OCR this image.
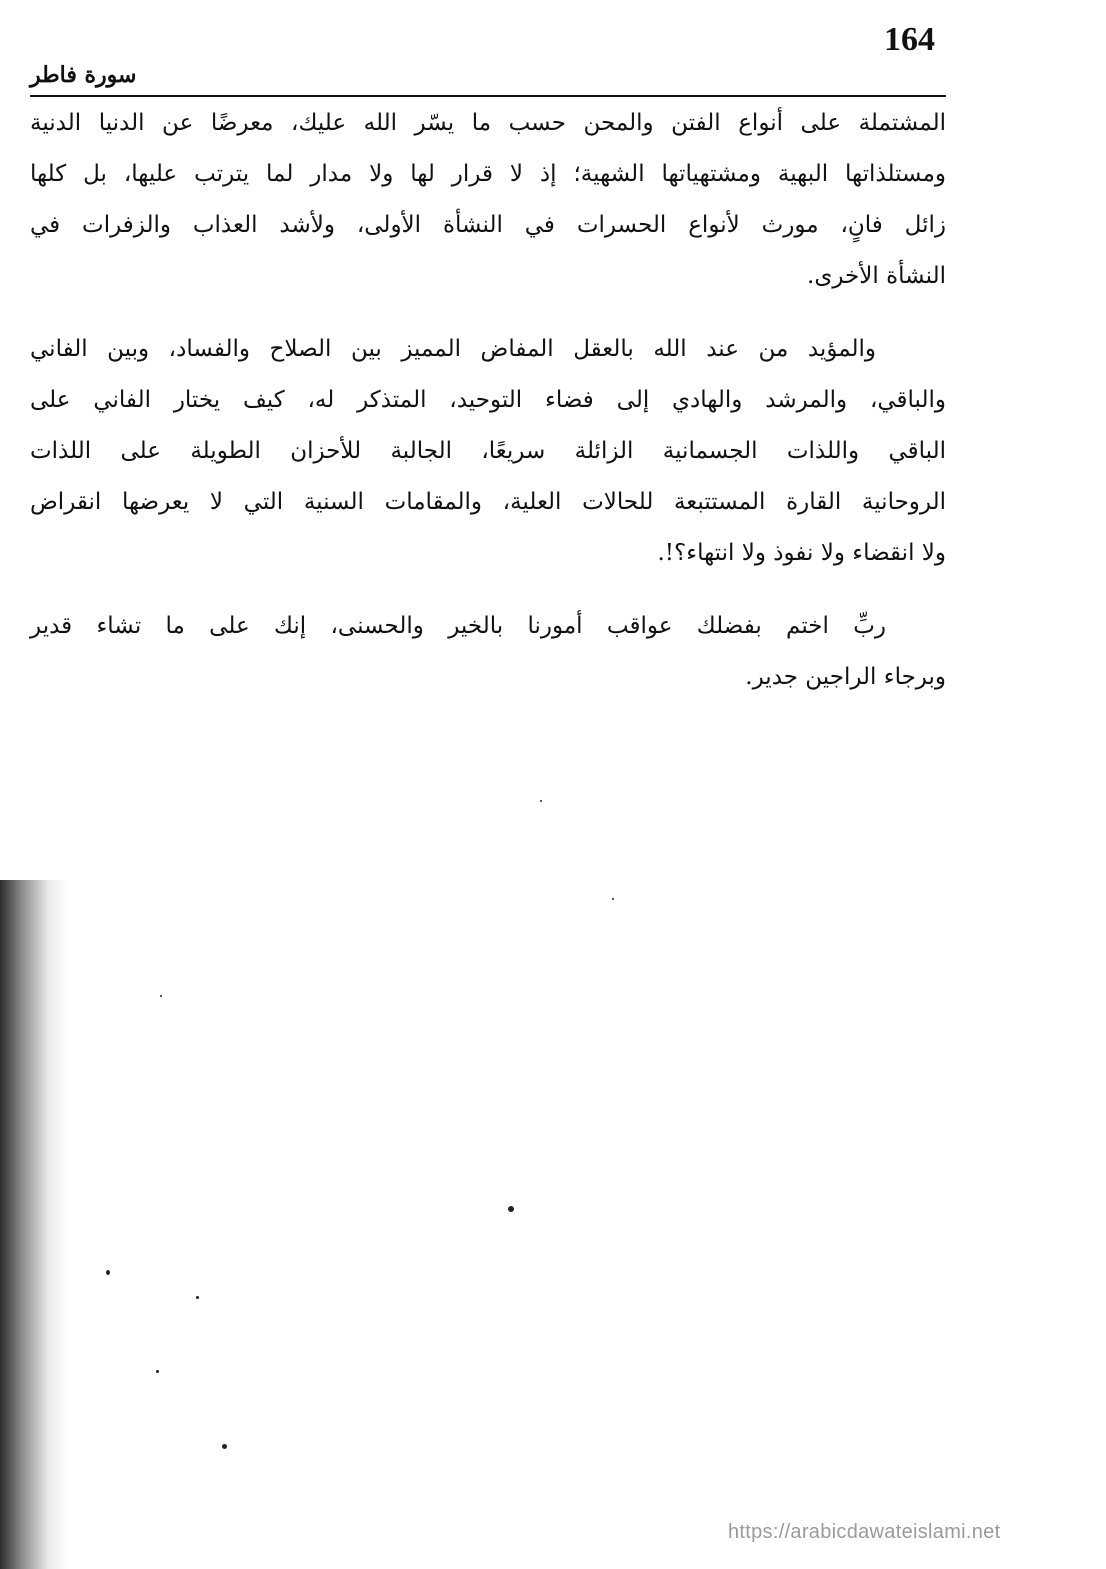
164
سورة فاطر

المشتملة على أنواع الفتن والمحن حسب ما يسّر الله عليك، معرضًا عن الدنيا الدنية
ومستلذاتها البهية ومشتهياتها الشهية؛ إذ لا قرار لها ولا مدار لما يترتب عليها، بل كلها
زائل فانٍ، مورث لأنواع الحسرات في النشأة الأولى، ولأشد العذاب والزفرات في
النشأة الأخرى.

والمؤيد من عند الله بالعقل المفاض المميز بين الصلاح والفساد، وبين الفاني
والباقي، والمرشد والهادي إلى فضاء التوحيد، المتذكر له، كيف يختار الفاني على
الباقي واللذات الجسمانية الزائلة سريعًا، الجالبة للأحزان الطويلة على اللذات
الروحانية القارة المستتبعة للحالات العلية، والمقامات السنية التي لا يعرضها انقراض
ولا انقضاء ولا نفوذ ولا انتهاء؟!.

ربِّ اختم بفضلك عواقب أمورنا بالخير والحسنى، إنك على ما تشاء قدير
وبرجاء الراجين جدير.

https://arabicdawateislami.net
